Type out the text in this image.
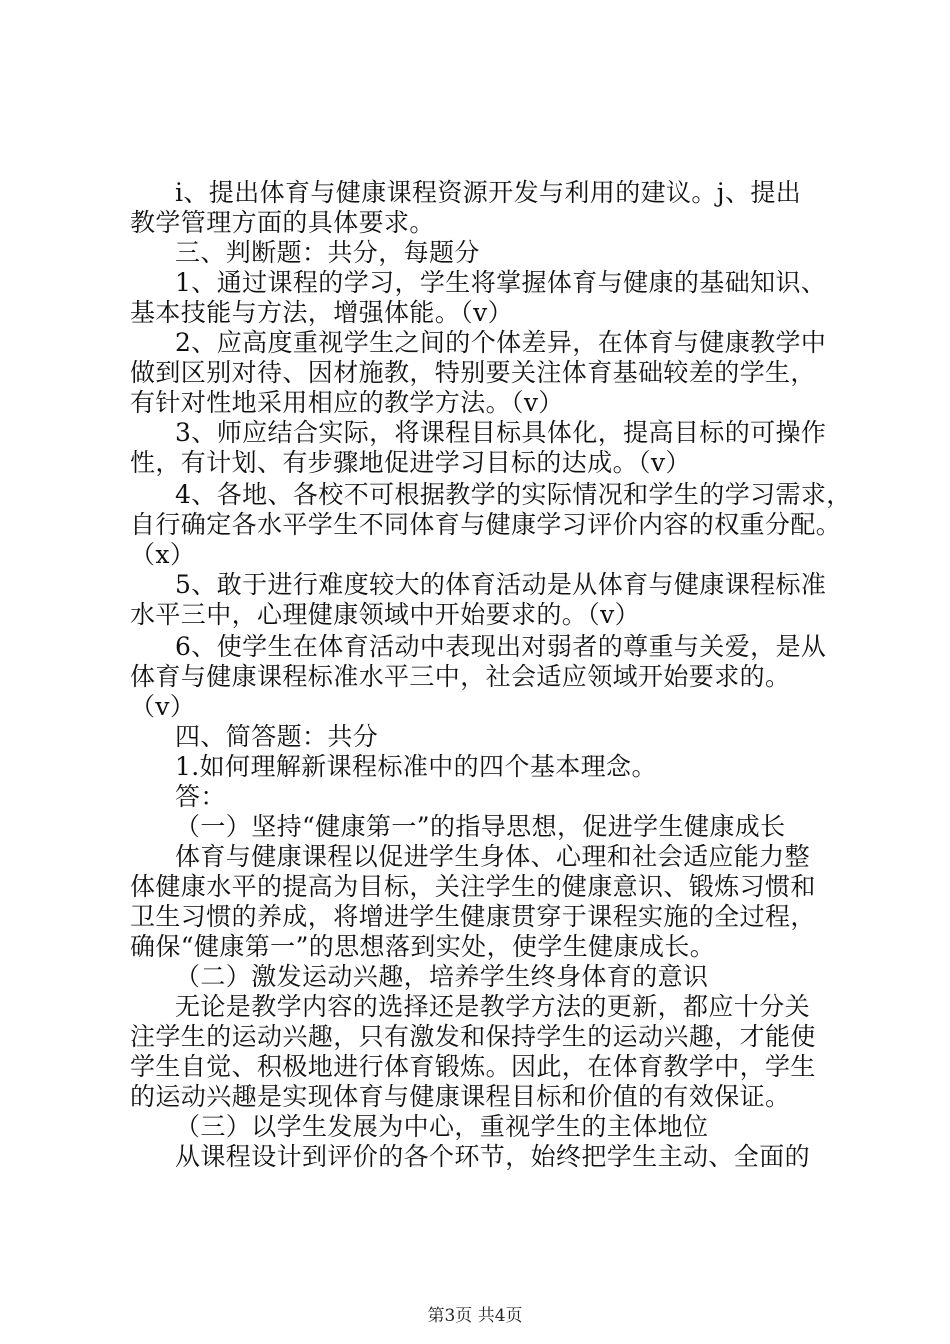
i、提出体育与健康课程资源开发与利用的建议。j、提出
教学管理方面的具体要求。
三、判断题：共分，每题分
1、通过课程的学习，学生将掌握体育与健康的基础知识、
基本技能与方法，增强体能。（v）
2、应高度重视学生之间的个体差异，在体育与健康教学中
做到区别对待、因材施教，特别要关注体育基础较差的学生，
有针对性地采用相应的教学方法。（v）
3、师应结合实际，将课程目标具体化，提高目标的可操作
性，有计划、有步骤地促进学习目标的达成。（v）
4、各地、各校不可根据教学的实际情况和学生的学习需求，
自行确定各水平学生不同体育与健康学习评价内容的权重分配。
（x）
5、敢于进行难度较大的体育活动是从体育与健康课程标准
水平三中，心理健康领域中开始要求的。（v）
6、使学生在体育活动中表现出对弱者的尊重与关爱，是从
体育与健康课程标准水平三中，社会适应领域开始要求的。
（v）
四、简答题：共分
1.如何理解新课程标准中的四个基本理念。
答：
（一）坚持“健康第一”的指导思想，促进学生健康成长
体育与健康课程以促进学生身体、心理和社会适应能力整
体健康水平的提高为目标，关注学生的健康意识、锻炼习惯和
卫生习惯的养成，将增进学生健康贯穿于课程实施的全过程，
确保“健康第一”的思想落到实处，使学生健康成长。
（二）激发运动兴趣，培养学生终身体育的意识
无论是教学内容的选择还是教学方法的更新，都应十分关
注学生的运动兴趣，只有激发和保持学生的运动兴趣，才能使
学生自觉、积极地进行体育锻炼。因此，在体育教学中，学生
的运动兴趣是实现体育与健康课程目标和价值的有效保证。
（三）以学生发展为中心，重视学生的主体地位
从课程设计到评价的各个环节，始终把学生主动、全面的
第3页 共4页
